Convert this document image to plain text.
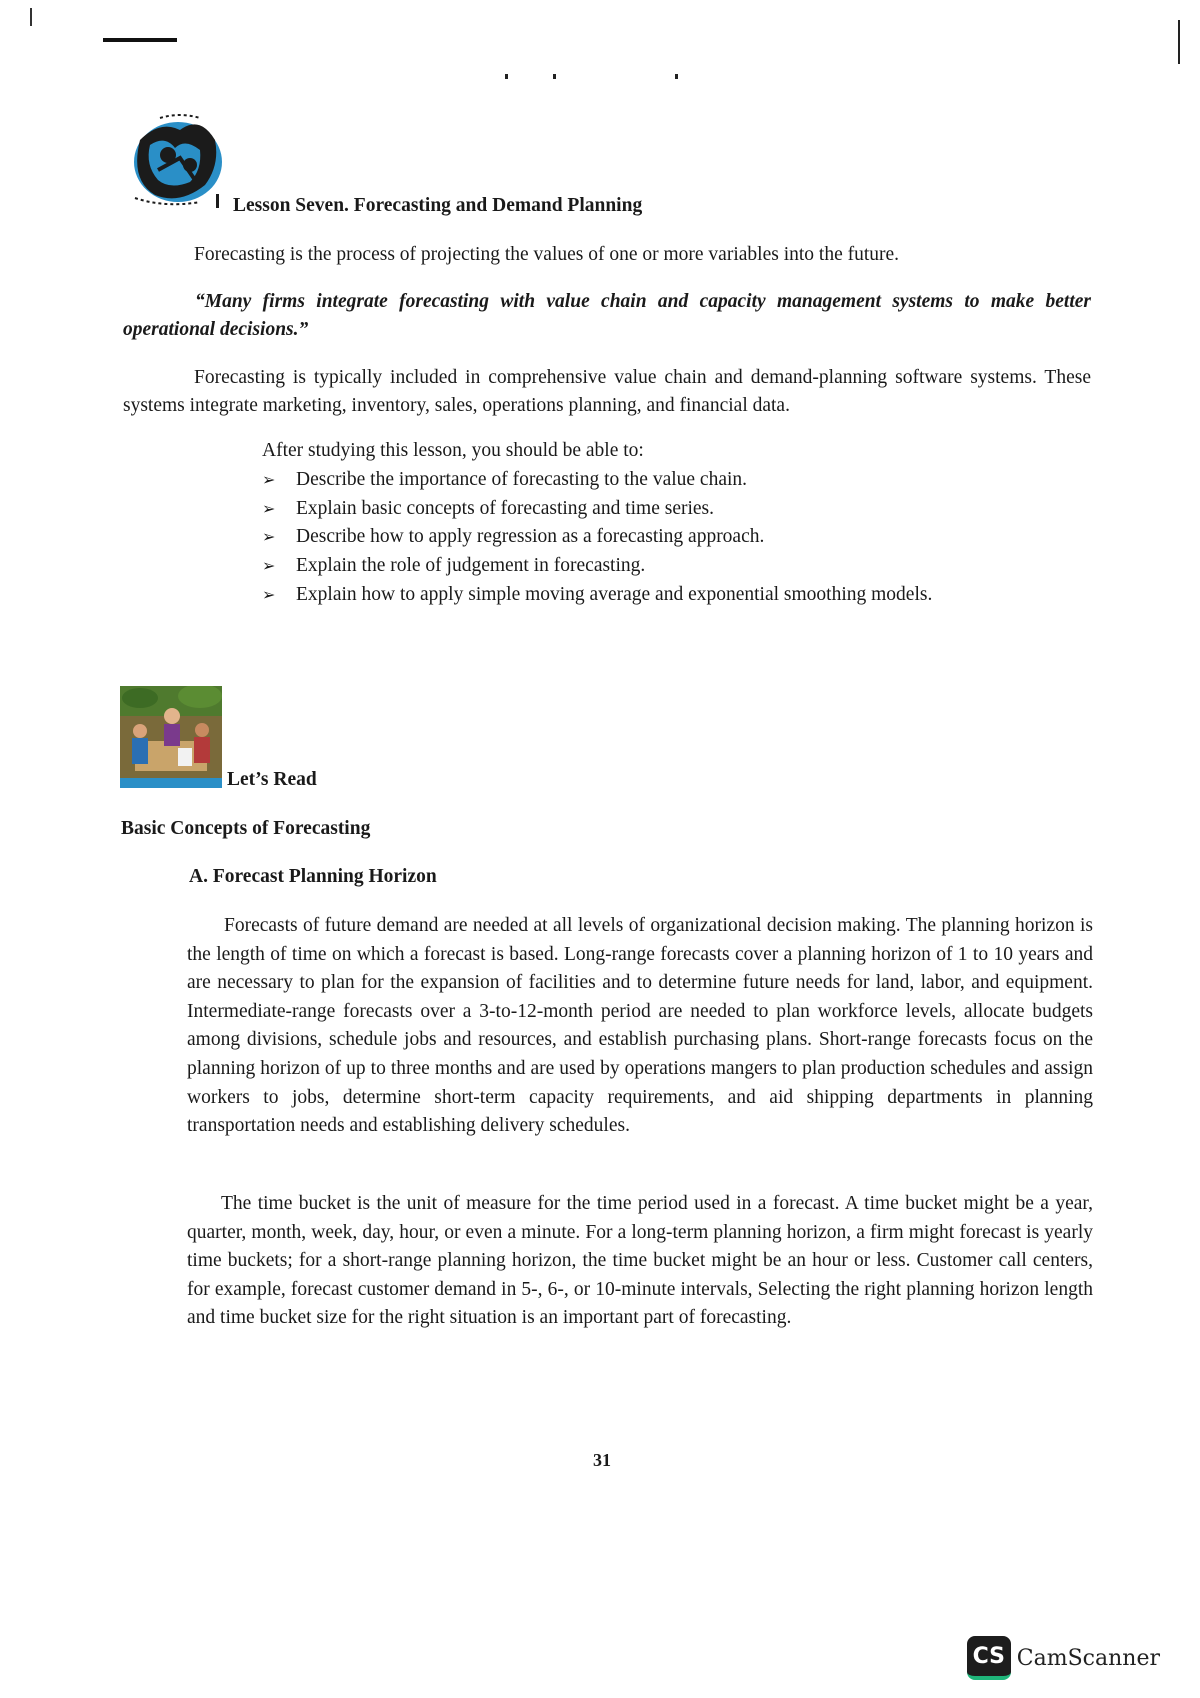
Lesson Seven. Forecasting and Demand Planning
Forecasting is the process of projecting the values of one or more variables into the future.
“Many firms integrate forecasting with value chain and capacity management systems to make better operational decisions.”
Forecasting is typically included in comprehensive value chain and demand-planning software systems. These systems integrate marketing, inventory, sales, operations planning, and financial data.
After studying this lesson, you should be able to:
➢ Describe the importance of forecasting to the value chain.
➢ Explain basic concepts of forecasting and time series.
➢ Describe how to apply regression as a forecasting approach.
➢ Explain the role of judgement in forecasting.
➢ Explain how to apply simple moving average and exponential smoothing models.
Let’s Read
Basic Concepts of Forecasting
A. Forecast Planning Horizon
Forecasts of future demand are needed at all levels of organizational decision making. The planning horizon is the length of time on which a forecast is based. Long-range forecasts cover a planning horizon of 1 to 10 years and are necessary to plan for the expansion of facilities and to determine future needs for land, labor, and equipment. Intermediate-range forecasts over a 3-to-12-month period are needed to plan workforce levels, allocate budgets among divisions, schedule jobs and resources, and establish purchasing plans. Short-range forecasts focus on the planning horizon of up to three months and are used by operations mangers to plan production schedules and assign workers to jobs, determine short-term capacity requirements, and aid shipping departments in planning transportation needs and establishing delivery schedules.
The time bucket is the unit of measure for the time period used in a forecast. A time bucket might be a year, quarter, month, week, day, hour, or even a minute. For a long-term planning horizon, a firm might forecast is yearly time buckets; for a short-range planning horizon, the time bucket might be an hour or less. Customer call centers, for example, forecast customer demand in 5-, 6-, or 10-minute intervals, Selecting the right planning horizon length and time bucket size for the right situation is an important part of forecasting.
31
CS CamScanner
